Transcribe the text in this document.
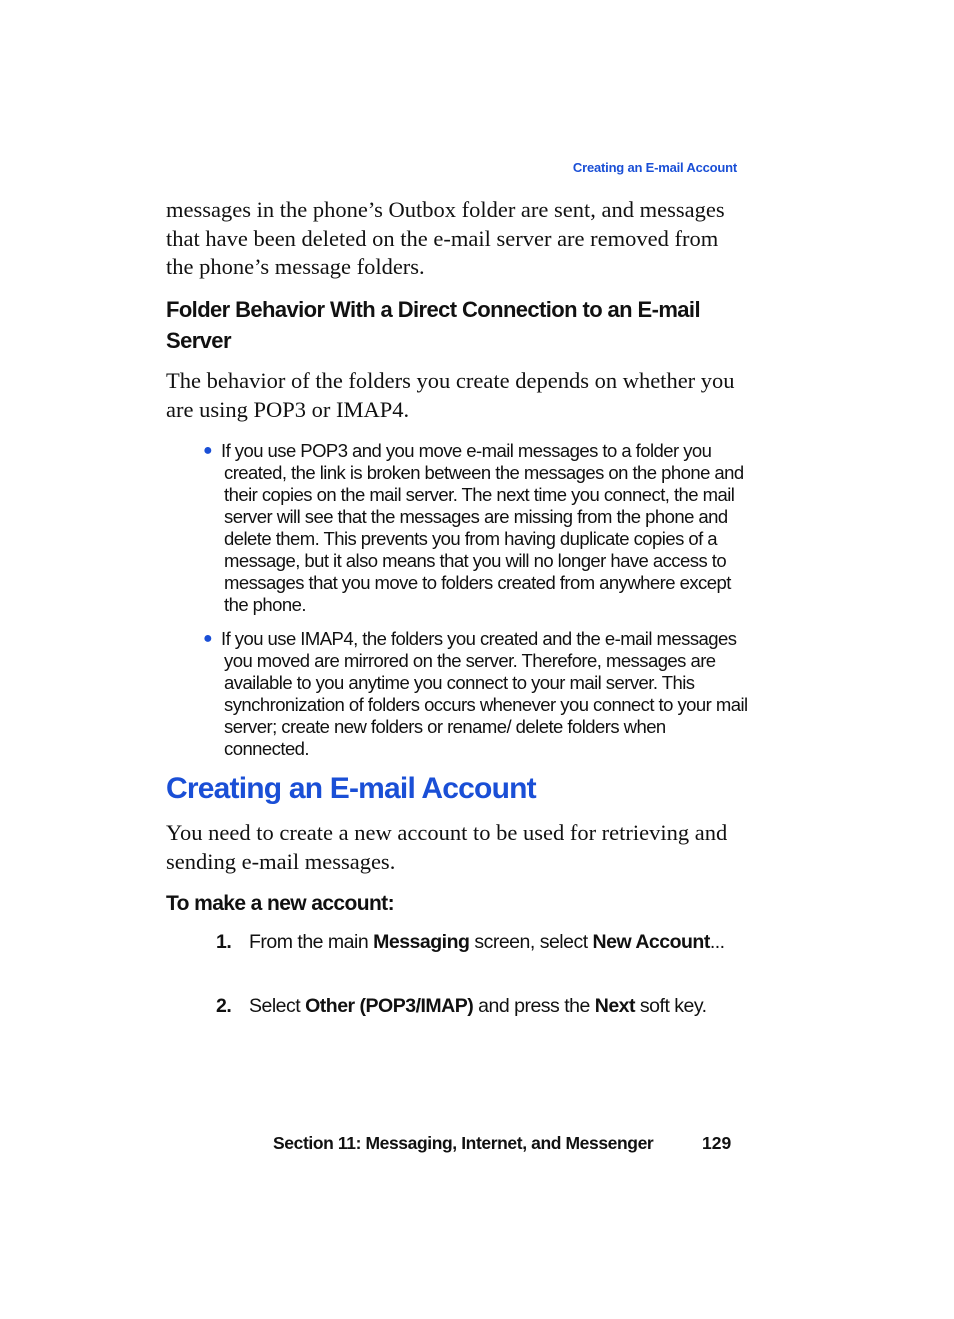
Creating an E-mail Account

messages in the phone’s Outbox folder are sent, and messages that have been deleted on the e-mail server are removed from the phone’s message folders.

Folder Behavior With a Direct Connection to an E-mail Server

The behavior of the folders you create depends on whether you are using POP3 or IMAP4.

● If you use POP3 and you move e-mail messages to a folder you created, the link is broken between the messages on the phone and their copies on the mail server. The next time you connect, the mail server will see that the messages are missing from the phone and delete them. This prevents you from having duplicate copies of a message, but it also means that you will no longer have access to messages that you move to folders created from anywhere except the phone.
● If you use IMAP4, the folders you created and the e-mail messages you moved are mirrored on the server. Therefore, messages are available to you anytime you connect to your mail server. This synchronization of folders occurs whenever you connect to your mail server; create new folders or rename/ delete folders when connected.
Creating an E-mail Account

You need to create a new account to be used for retrieving and sending e-mail messages.

To make a new account:
1. From the main Messaging screen, select New Account...
2. Select Other (POP3/IMAP) and press the Next soft key.
Section 11: Messaging, Internet, and Messenger	129
